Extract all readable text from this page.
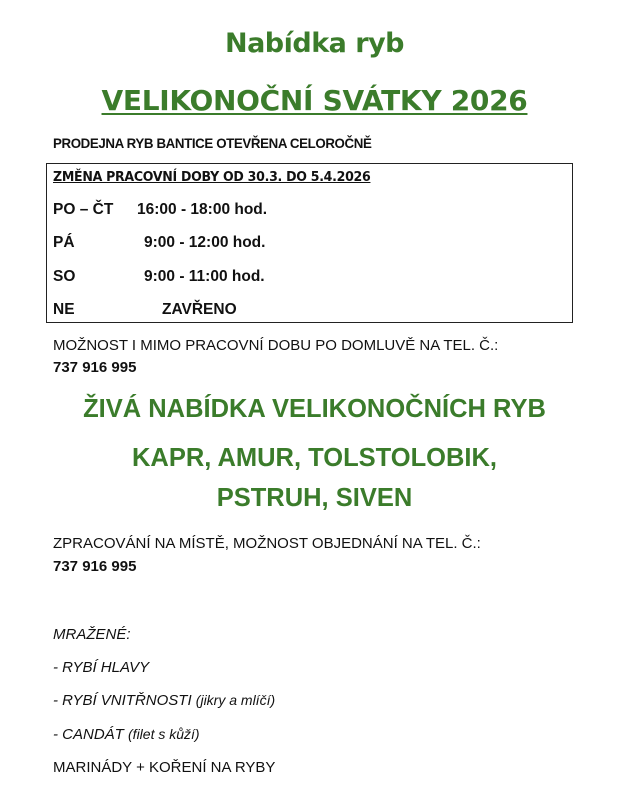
Nabídka ryb
VELIKONOČNÍ SVÁTKY 2026
PRODEJNA RYB BANTICE OTEVŘENA CELOROČNĚ
ZMĚNA PRACOVNÍ DOBY OD 30.3. DO 5.4.2026
PO – ČT 16:00 - 18:00 hod.
PÁ	9:00 - 12:00 hod.
SO	9:00 - 11:00 hod.
NE	ZAVŘENO
MOŽNOST I MIMO PRACOVNÍ DOBU PO DOMLUVĚ NA TEL. Č.:
737 916 995
ŽIVÁ NABÍDKA VELIKONOČNÍCH RYB
KAPR, AMUR, TOLSTOLOBIK,
PSTRUH, SIVEN
ZPRACOVÁNÍ NA MÍSTĚ, MOŽNOST OBJEDNÁNÍ NA TEL. Č.:
737 916 995
MRAŽENÉ:
- RYBÍ HLAVY
- RYBÍ VNITŘNOSTI (jikry a mlíčí)
- CANDÁT (filet s kůží)
MARINÁDY + KOŘENÍ NA RYBY
